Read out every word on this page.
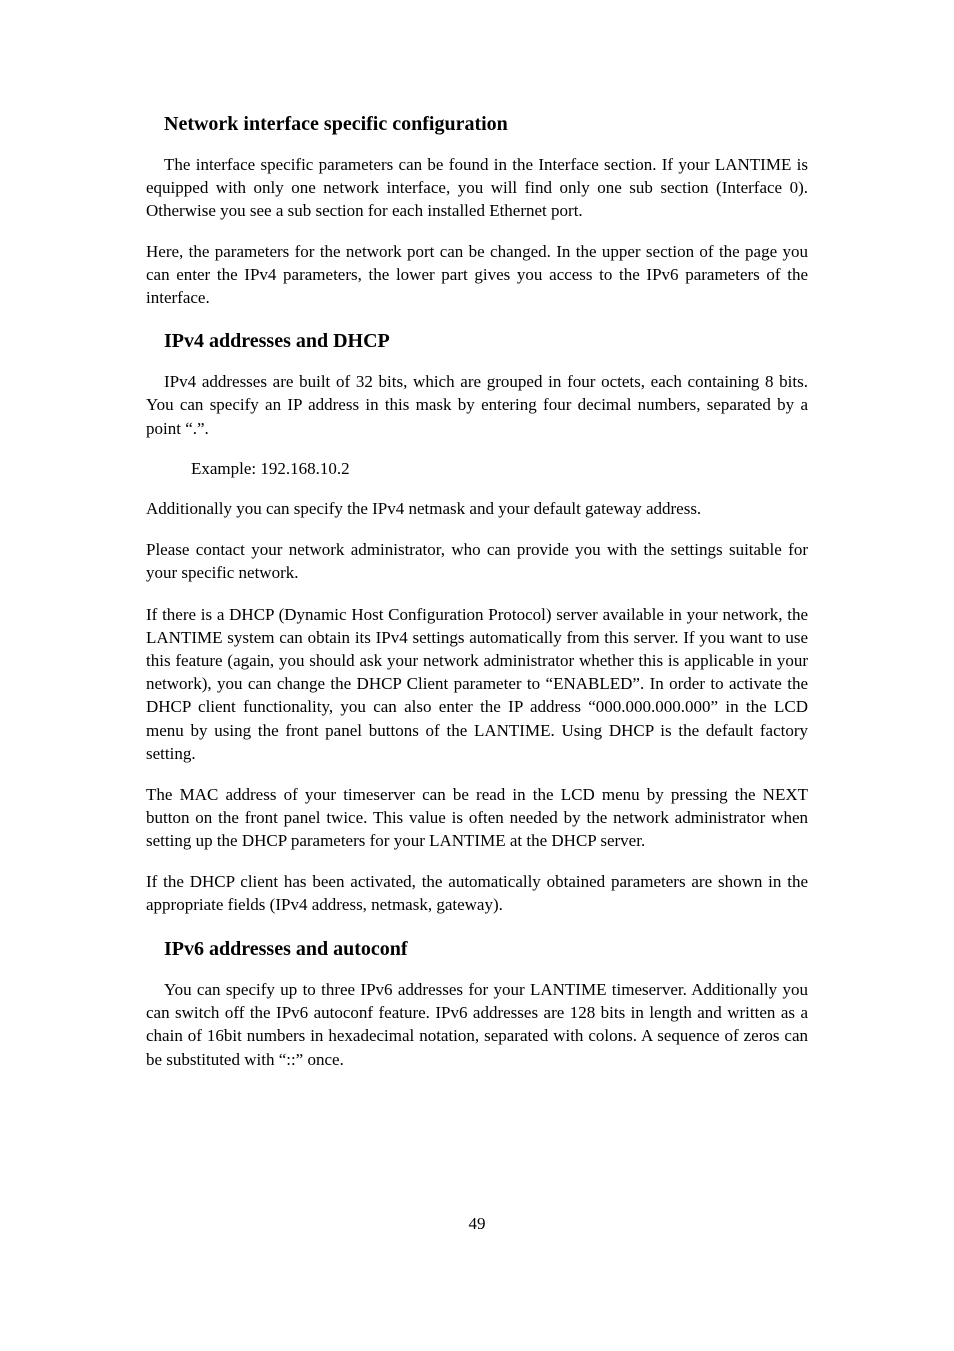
Network interface specific configuration

The interface specific parameters can be found in the Interface section. If your LANTIME is equipped with only one network interface, you will find only one sub section (Interface 0). Otherwise you see a sub section for each installed Ethernet port.

Here, the parameters for the network port can be changed. In the upper section of the page you can enter the IPv4 parameters, the lower part gives you access to the IPv6 parameters of the interface.

IPv4 addresses and DHCP

IPv4 addresses are built of 32 bits, which are grouped in four octets, each containing 8 bits. You can specify an IP address in this mask by entering four decimal numbers, separated by a point “.”.

Example: 192.168.10.2

Additionally you can specify the IPv4 netmask and your default gateway address.

Please contact your network administrator, who can provide you with the settings suitable for your specific network.

If there is a DHCP (Dynamic Host Configuration Protocol) server available in your network, the LANTIME system can obtain its IPv4 settings automatically from this server. If you want to use this feature (again, you should ask your network administrator whether this is applicable in your network), you can change the DHCP Client parameter to “ENABLED”. In order to activate the DHCP client functionality, you can also enter the IP address “000.000.000.000” in the LCD menu by using the front panel buttons of the LANTIME. Using DHCP is the default factory setting.

The MAC address of your timeserver can be read in the LCD menu by pressing the NEXT button on the front panel twice. This value is often needed by the network administrator when setting up the DHCP parameters for your LANTIME at the DHCP server.

If the DHCP client has been activated, the automatically obtained parameters are shown in the appropriate fields (IPv4 address, netmask, gateway).

IPv6 addresses and autoconf

You can specify up to three IPv6 addresses for your LANTIME timeserver. Additionally you can switch off the IPv6 autoconf feature. IPv6 addresses are 128 bits in length and written as a chain of 16bit numbers in hexadecimal notation, separated with colons. A sequence of zeros can be substituted with “::” once.

49
